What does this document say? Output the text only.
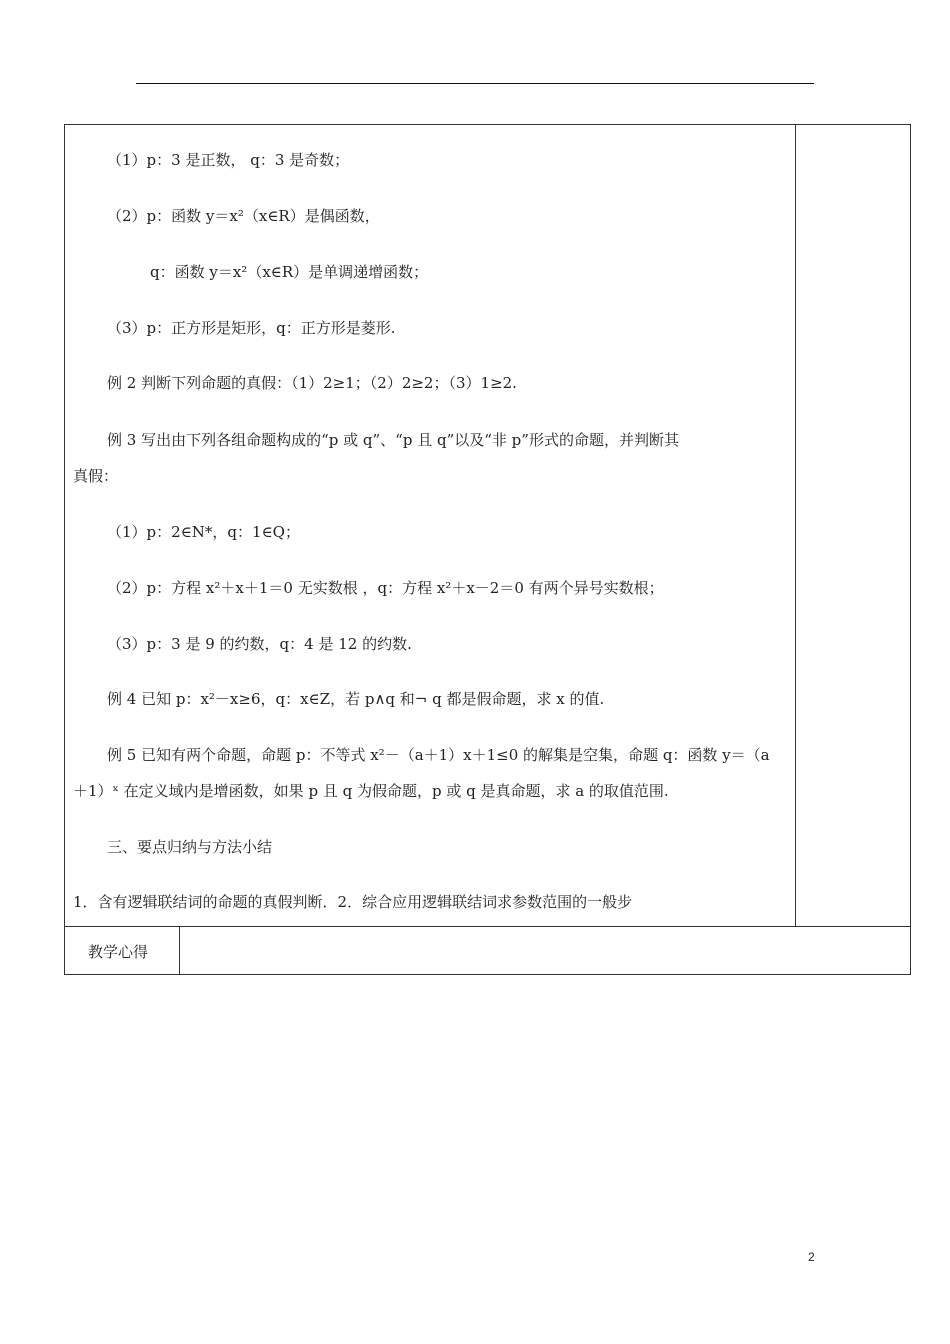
（1）p：3 是正数， q：3 是奇数；
（2）p：函数 y＝x²（x∈R）是偶函数，
q：函数 y＝x²（x∈R）是单调递增函数；
（3）p：正方形是矩形，q：正方形是菱形.
例 2 判断下列命题的真假：（1）2≥1；（2）2≥2；（3）1≥2.
例 3 写出由下列各组命题构成的“p 或 q”、“p 且 q”以及“非 p”形式的命题，并判断其
真假：
（1）p：2∈N*，q：1∈Q；
（2）p：方程 x²＋x＋1＝0 无实数根 ，q：方程 x²＋x－2＝0 有两个异号实数根；
（3）p：3 是 9 的约数，q：4 是 12 的约数.
例 4 已知 p：x²－x≥6，q：x∈Z，若 p∧q 和¬ q 都是假命题，求 x 的值.
例 5 已知有两个命题，命题 p：不等式 x²－（a＋1）x＋1≤0 的解集是空集，命题 q：函数 y＝（a
＋1）ˣ 在定义域内是增函数，如果 p 且 q 为假命题，p 或 q 是真命题，求 a 的取值范围.
三、要点归纳与方法小结
1．含有逻辑联结词的命题的真假判断．2．综合应用逻辑联结词求参数范围的一般步
教学心得
2
